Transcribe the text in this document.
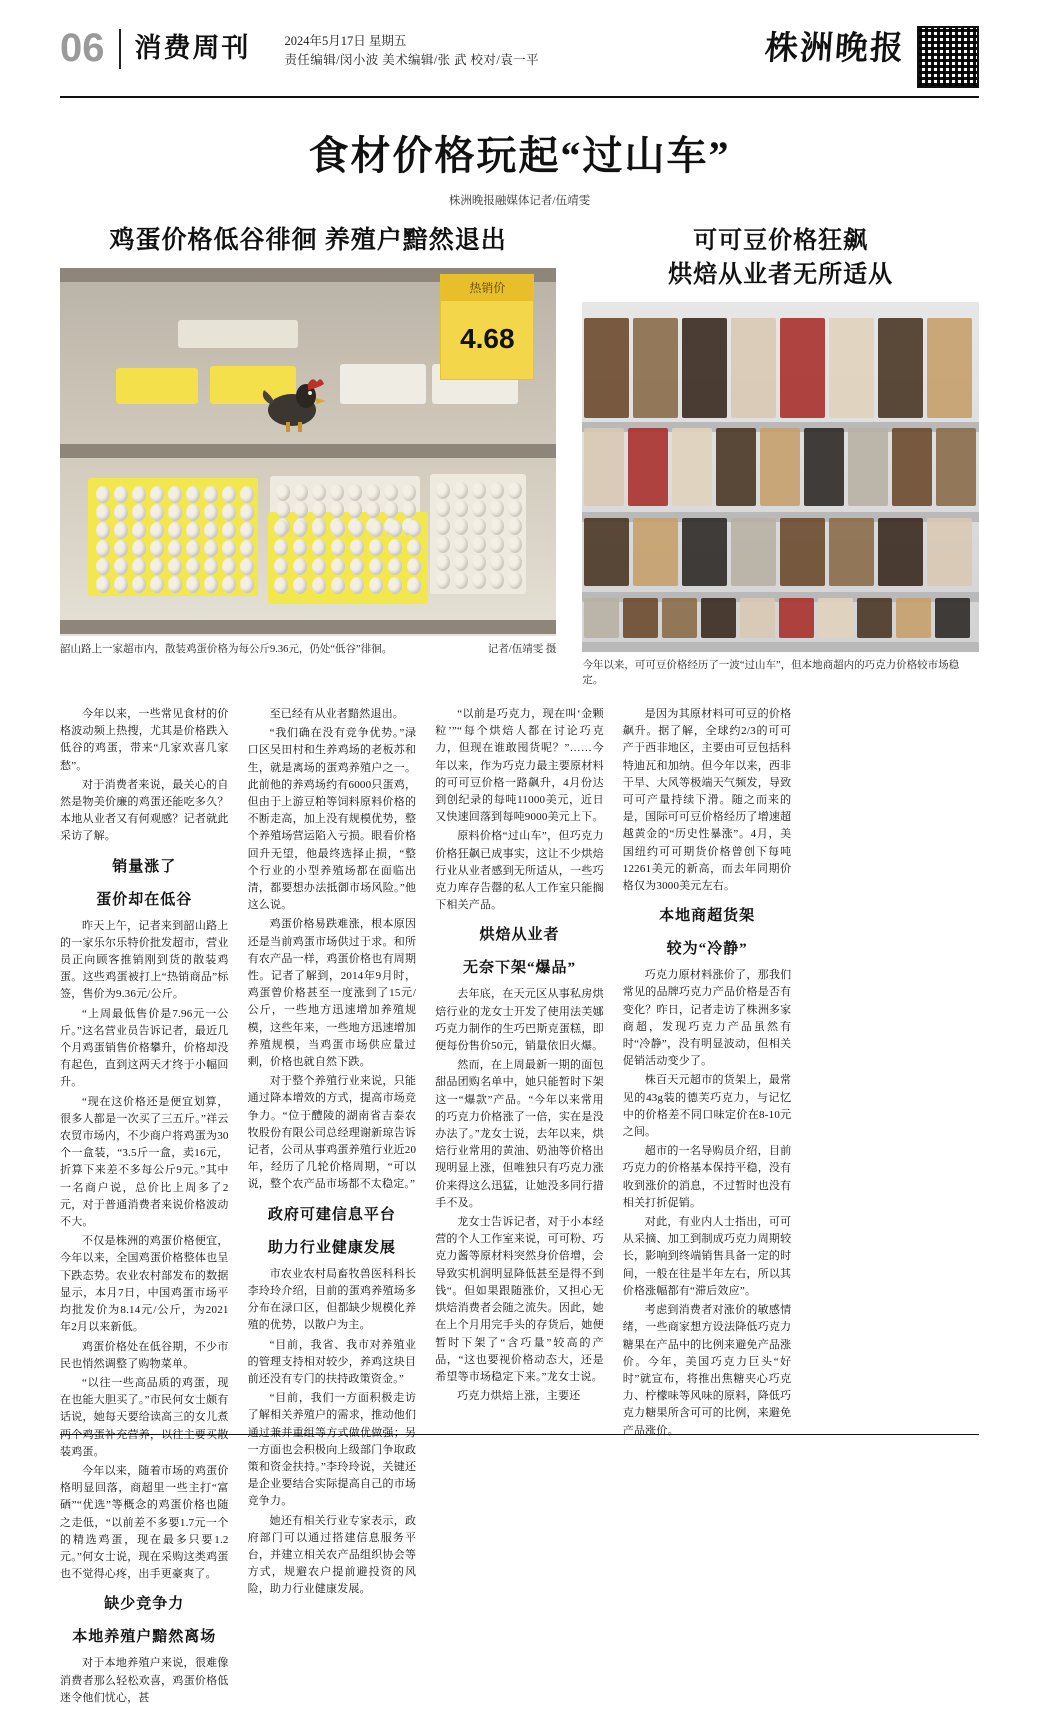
06	消费周刊	2024年5月17日 星期五
责任编辑/闵小波 美术编辑/张 武 校对/袁一平	株洲晚报
食材价格玩起“过山车”
株洲晚报融媒体记者/伍靖雯
鸡蛋价格低谷徘徊 养殖户黯然退出
热销价
4.68
记者/伍靖雯 摄
韶山路上一家超市内，散装鸡蛋价格为每公斤9.36元，仍处“低谷”徘徊。
可可豆价格狂飙
烘焙从业者无所适从
今年以来，可可豆价格经历了一波“过山车”，但本地商超内的巧克力价格较市场稳定。

今年以来，一些常见食材的价格波动频上热搜，尤其是价格跌入低谷的鸡蛋，带来“几家欢喜几家愁”。

对于消费者来说，最关心的自然是物美价廉的鸡蛋还能吃多久？本地从业者又有何观感？记者就此采访了解。

销量涨了
蛋价却在低谷

昨天上午，记者来到韶山路上的一家乐尔乐特价批发超市，营业员正向顾客推销刚到货的散装鸡蛋。这些鸡蛋被打上“热销商品”标签，售价为9.36元/公斤。

“上周最低售价是7.96元一公斤。”这名营业员告诉记者，最近几个月鸡蛋销售价格攀升，价格却没有起色，直到这两天才终于小幅回升。

“现在这价格还是便宜划算，很多人都是一次买了三五斤。”祥云农贸市场内，不少商户将鸡蛋为30个一盒装，“3.5斤一盒，卖16元，折算下来差不多每公斤9元。”其中一名商户说，总价比上周多了2元，对于普通消费者来说价格波动不大。

不仅是株洲的鸡蛋价格便宜，今年以来，全国鸡蛋价格整体也呈下跌态势。农业农村部发布的数据显示，本月7日，中国鸡蛋市场平均批发价为8.14元/公斤，为2021年2月以来新低。

鸡蛋价格处在低谷期，不少市民也悄然调整了购物菜单。

“以往一些高品质的鸡蛋，现在也能大胆买了。”市民何女士颇有话说，她每天要给读高三的女儿煮两个鸡蛋补充营养，以往主要买散装鸡蛋。

今年以来，随着市场的鸡蛋价格明显回落，商超里一些主打“富硒”“优选”等概念的鸡蛋价格也随之走低，“以前差不多要1.7元一个的精选鸡蛋，现在最多只要1.2元。”何女士说，现在采购这类鸡蛋也不觉得心疼，出手更豪爽了。

缺少竞争力
本地养殖户黯然离场

对于本地养殖户来说，很难像消费者那么轻松欢喜，鸡蛋价格低迷令他们忧心，甚

至已经有从业者黯然退出。

“我们确在没有竞争优势。”渌口区吴田村和生养鸡场的老板苏和生，就是离场的蛋鸡养殖户之一。此前他的养鸡场约有6000只蛋鸡，但由于上游豆粕等饲料原料价格的不断走高，加上没有规模优势，整个养殖场营运陷入亏损。眼看价格回升无望，他最终选择止损，“整个行业的小型养殖场都在面临出清，都要想办法抵御市场风险。”他这么说。

鸡蛋价格易跌难涨，根本原因还是当前鸡蛋市场供过于求。和所有农产品一样，鸡蛋价格也有周期性。记者了解到，2014年9月时，鸡蛋曾价格甚至一度涨到了15元/公斤，一些地方迅速增加养殖规模，这些年来，一些地方迅速增加养殖规模，当鸡蛋市场供应量过剩，价格也就自然下跌。

对于整个养殖行业来说，只能通过降本增效的方式，提高市场竞争力。“位于醴陵的湖南省吉泰农牧股份有限公司总经理谢新琼告诉记者，公司从事鸡蛋养殖行业近20年，经历了几轮价格周期，“可以说，整个农产品市场都不太稳定。”

政府可建信息平台
助力行业健康发展

市农业农村局畜牧兽医科科长李玲玲介绍，目前的蛋鸡养殖场多分布在渌口区，但都缺少规模化养殖的优势，以散户为主。

“目前，我省、我市对养殖业的管理支持相对较少，养鸡这块目前还没有专门的扶持政策资金。”

“目前，我们一方面积极走访了解相关养殖户的需求，推动他们通过兼并重组等方式做优做强；另一方面也会积极向上级部门争取政策和资金扶持。”李玲玲说，关键还是企业要结合实际提高自己的市场竞争力。

她还有相关行业专家表示，政府部门可以通过搭建信息服务平台，并建立相关农产品组织协会等方式，规避农户提前避投资的风险，助力行业健康发展。

“以前是巧克力，现在叫‘金颗粒’”“每个烘焙人都在讨论巧克力，但现在谁敢囤货呢？”……今年以来，作为巧克力最主要原材料的可可豆价格一路飙升，4月份达到创纪录的每吨11000美元，近日又快速回落到每吨9000美元上下。

原料价格“过山车”，但巧克力价格狂飙已成事实，这让不少烘焙行业从业者感到无所适从，一些巧克力库存告罄的私人工作室只能搁下相关产品。

烘焙从业者
无奈下架“爆品”

去年底，在天元区从事私房烘焙行业的龙女士开发了使用法芙娜巧克力制作的生巧巴斯克蛋糕，即便每份售价50元，销量依旧火爆。

然而，在上周最新一期的面包甜品团购名单中，她只能暂时下架这一“爆款”产品。“今年以来常用的巧克力价格涨了一倍，实在是没办法了。”龙女士说，去年以来，烘焙行业常用的黄油、奶油等价格出现明显上涨，但唯独只有巧克力涨价来得这么迅猛，让她没多同行措手不及。

龙女士告诉记者，对于小本经营的个人工作室来说，可可粉、巧克力酱等原材料突然身价倍增，会导致实机润明显降低甚至是得不到钱“。但如果跟随涨价，又担心无烘焙消费者会随之流失。因此，她在上个月用完手头的存货后，她便暂时下架了“含巧量”较高的产品，“这也要视价格动态大，还是希望等市场稳定下来。”龙女士说。

巧克力烘焙上涨，主要还

是因为其原材料可可豆的价格飙升。据了解，全球约2/3的可可产于西非地区，主要由可豆包括科特迪瓦和加纳。但今年以来，西非干旱、大风等极端天气频发，导致可可产量持续下滑。随之而来的是，国际可可豆价格经历了增速超越黄金的“历史性暴涨”。4月，美国纽约可可期货价格曾创下每吨12261美元的新高，而去年同期价格仅为3000美元左右。

本地商超货架
较为“冷静”

巧克力原材料涨价了，那我们常见的品牌巧克力产品价格是否有变化？昨日，记者走访了株洲多家商超，发现巧克力产品虽然有时“冷静”，没有明显波动，但相关促销活动变少了。

株百天元超市的货架上，最常见的43g装的德芙巧克力，与记忆中的价格差不同口味定价在8-10元之间。

超市的一名导购员介绍，目前巧克力的价格基本保持平稳，没有收到涨价的消息，不过暂时也没有相关打折促销。

对此，有业内人士指出，可可从采摘、加工到制成巧克力周期较长，影响到终端销售具备一定的时间，一般在往是半年左右，所以其价格涨幅都有“滞后效应”。

考虑到消费者对涨价的敏感情绪，一些商家想方设法降低巧克力糖果在产品中的比例来避免产品涨价。今年，美国巧克力巨头“好时”就宣布，将推出焦糖夹心巧克力、柠檬味等风味的原料，降低巧克力糖果所含可可的比例，来避免产品涨价。
